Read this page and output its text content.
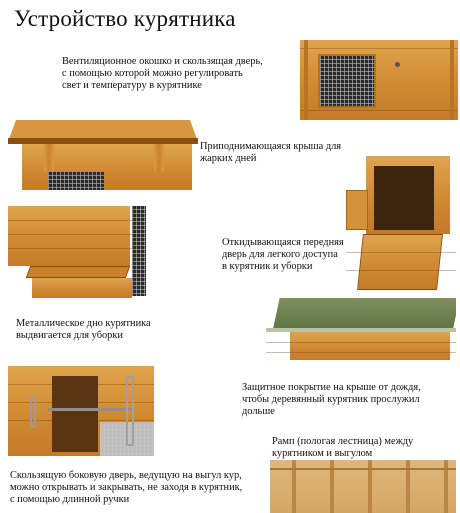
Устройство курятника
Вентиляционное окошко и скользящая дверь,
с помощью которой можно регулировать
свет и температуру в курятнике
Приподнимающаяся крыша для
жарких дней
Откидывающаяся передняя
дверь для легкого доступа
в курятник и уборки
Металлическое дно курятника
выдвигается для уборки
Защитное покрытие на крыше от дождя,
чтобы деревянный курятник прослужил
дольше
Рамп (пологая лестница) между
курятником и выгулом
Скользящую боковую дверь, ведущую на выгул кур,
можно открывать и закрывать, не заходя в курятник,
с помощью длинной ручки
